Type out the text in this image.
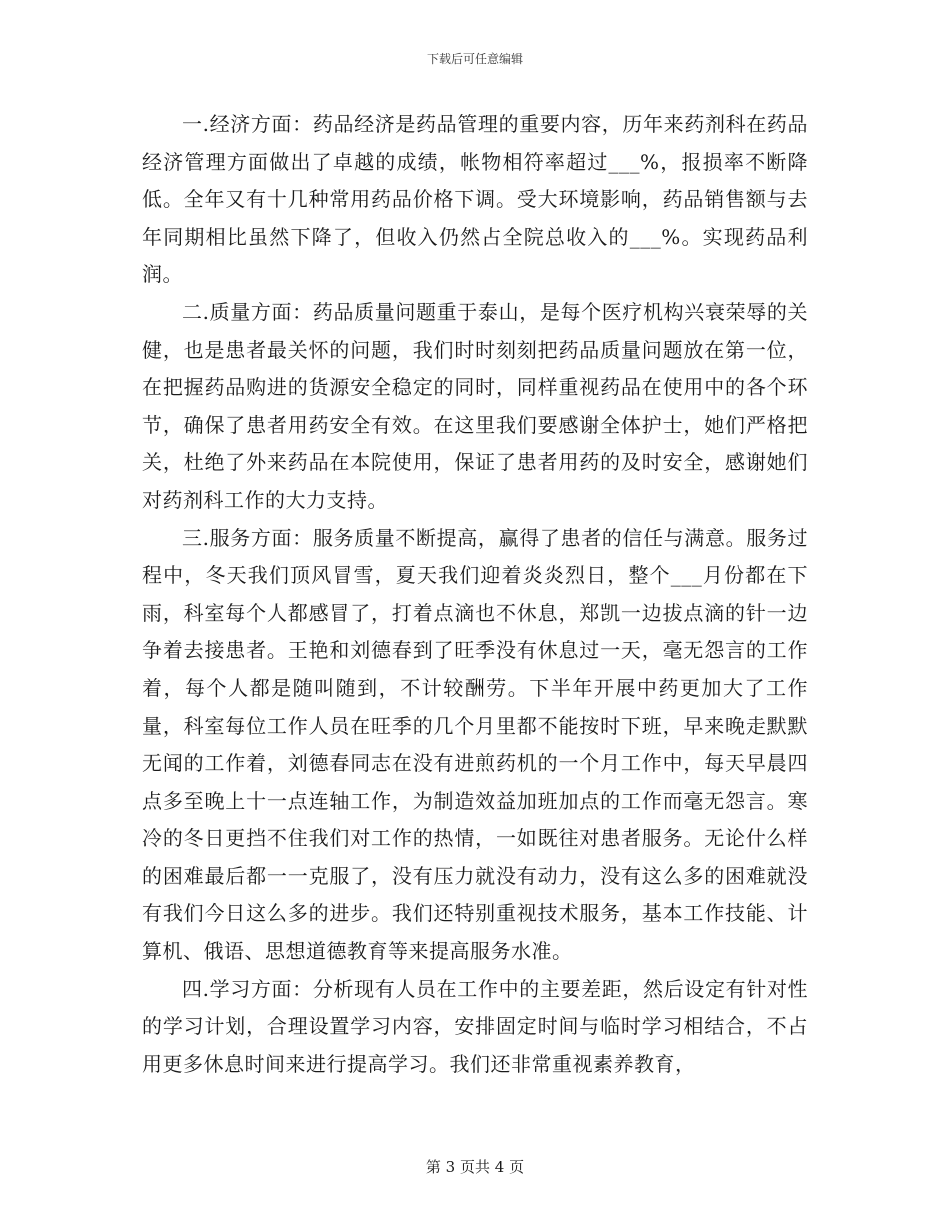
下载后可任意编辑

一.经济方面：药品经济是药品管理的重要内容，历年来药剂科在药品经济管理方面做出了卓越的成绩，帐物相符率超过___%，报损率不断降低。全年又有十几种常用药品价格下调。受大环境影响，药品销售额与去年同期相比虽然下降了，但收入仍然占全院总收入的___%。实现药品利润。

二.质量方面：药品质量问题重于泰山，是每个医疗机构兴衰荣辱的关健，也是患者最关怀的问题，我们时时刻刻把药品质量问题放在第一位，在把握药品购进的货源安全稳定的同时，同样重视药品在使用中的各个环节，确保了患者用药安全有效。在这里我们要感谢全体护士，她们严格把关，杜绝了外来药品在本院使用，保证了患者用药的及时安全，感谢她们对药剂科工作的大力支持。

三.服务方面：服务质量不断提高，赢得了患者的信任与满意。服务过程中，冬天我们顶风冒雪，夏天我们迎着炎炎烈日，整个___月份都在下雨，科室每个人都感冒了，打着点滴也不休息，郑凯一边拔点滴的针一边争着去接患者。王艳和刘德春到了旺季没有休息过一天，毫无怨言的工作着，每个人都是随叫随到，不计较酬劳。下半年开展中药更加大了工作量，科室每位工作人员在旺季的几个月里都不能按时下班，早来晚走默默无闻的工作着，刘德春同志在没有进煎药机的一个月工作中，每天早晨四点多至晚上十一点连轴工作，为制造效益加班加点的工作而毫无怨言。寒冷的冬日更挡不住我们对工作的热情，一如既往对患者服务。无论什么样的困难最后都一一克服了，没有压力就没有动力，没有这么多的困难就没有我们今日这么多的进步。我们还特别重视技术服务，基本工作技能、计算机、俄语、思想道德教育等来提高服务水准。

四.学习方面：分析现有人员在工作中的主要差距，然后设定有针对性的学习计划，合理设置学习内容，安排固定时间与临时学习相结合，不占用更多休息时间来进行提高学习。我们还非常重视素养教育，

第 3 页共 4 页
